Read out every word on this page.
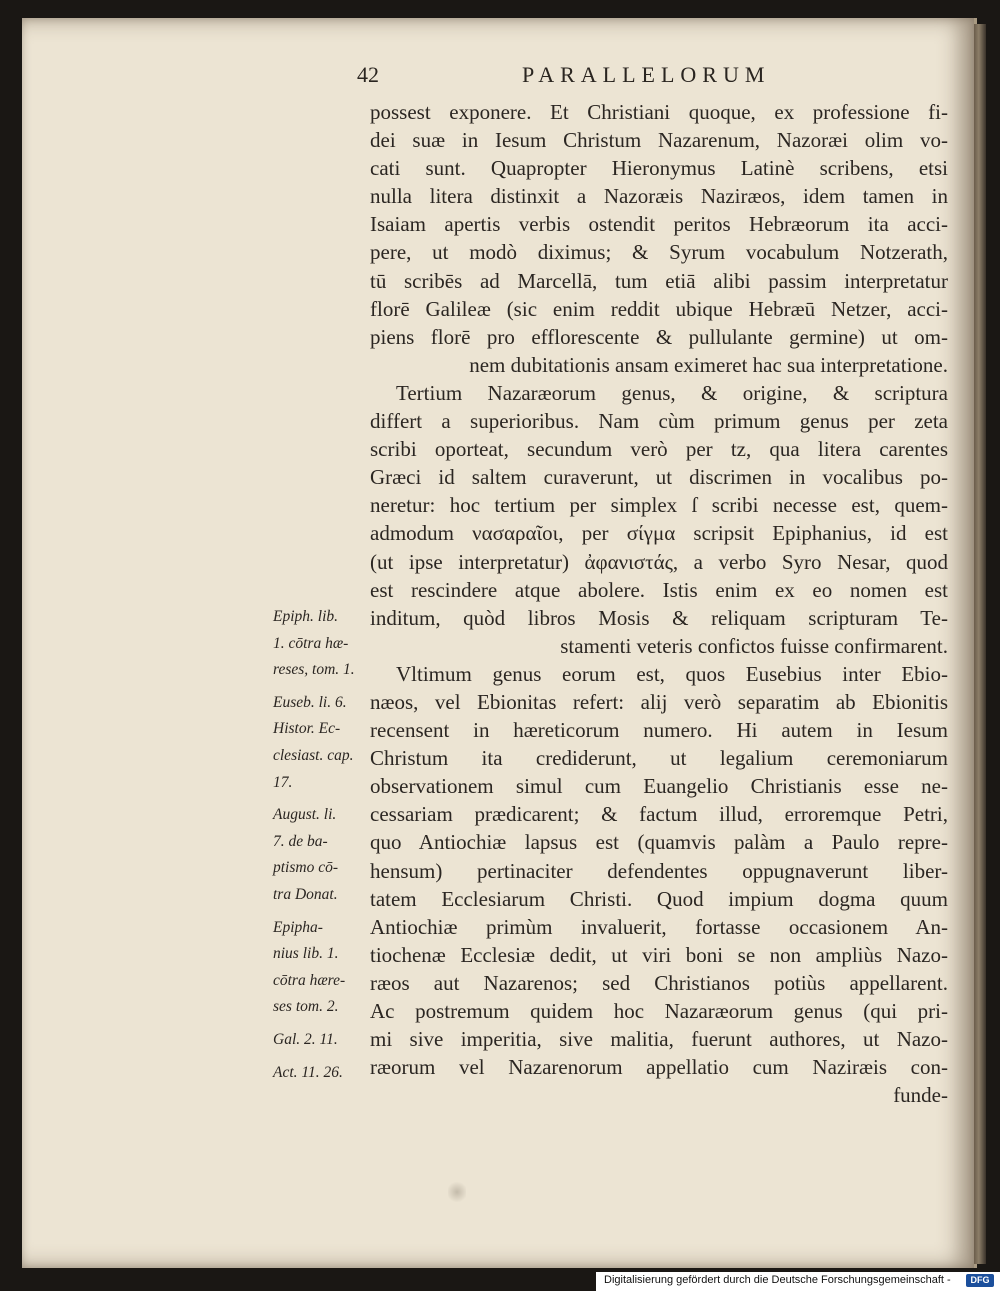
42	PARALLELORUM
possest exponere. Et Christiani quoque, ex professione fi-
dei suæ in Iesum Christum Nazarenum, Nazoræi olim vo-
cati sunt. Quapropter Hieronymus Latinè scribens, etsi
nulla litera distinxit a Nazoræis Naziræos, idem tamen in
Isaiam apertis verbis ostendit peritos Hebræorum ita acci-
pere, ut modò diximus; & Syrum vocabulum Notzerath,
tū scribēs ad Marcellā, tum etiā alibi passim interpretatur
florē Galileæ (sic enim reddit ubique Hebræū Netzer, acci-
piens florē pro efflorescente & pullulante germine) ut om-
nem dubitationis ansam eximeret hac sua interpretatione.
Tertium Nazaræorum genus, & origine, & scriptura
differt a superioribus. Nam cùm primum genus per zeta
scribi oporteat, secundum verò per tz, qua litera carentes
Græci id saltem curaverunt, ut discrimen in vocalibus po-
neretur: hoc tertium per simplex ſ scribi necesse est, quem-
admodum νασαραῖοι, per σίγμα scripsit Epiphanius, id est
(ut ipse interpretatur) ἀφανιστάς, a verbo Syro Nesar, quod
est rescindere atque abolere. Istis enim ex eo nomen est
inditum, quòd libros Mosis & reliquam scripturam Te-
stamenti veteris confictos fuisse confirmarent.
Vltimum genus eorum est, quos Eusebius inter Ebio-
næos, vel Ebionitas refert: alij verò separatim ab Ebionitis
recensent in hæreticorum numero. Hi autem in Iesum
Christum ita crediderunt, ut legalium ceremoniarum
observationem simul cum Euangelio Christianis esse ne-
cessariam prædicarent; & factum illud, erroremque Petri,
quo Antiochiæ lapsus est (quamvis palàm a Paulo repre-
hensum) pertinaciter defendentes oppugnaverunt liber-
tatem Ecclesiarum Christi. Quod impium dogma quum
Antiochiæ primùm invaluerit, fortasse occasionem An-
tiochenæ Ecclesiæ dedit, ut viri boni se non ampliùs Nazo-
ræos aut Nazarenos; sed Christianos potiùs appellarent.
Ac postremum quidem hoc Nazaræorum genus (qui pri-
mi sive imperitia, sive malitia, fuerunt authores, ut Nazo-
ræorum vel Nazarenorum appellatio cum Naziræis con-
funde-
Epiph. lib.
1. cōtra hæ-
reses, tom. 1.
Euseb. li. 6.
Histor. Ec-
clesiast. cap.
17.
August. li.
7. de ba-
ptismo cō-
tra Donat.
Epipha-
nius lib. 1.
cōtra hære-
ses tom. 2.
Gal. 2. 11.
Act. 11. 26.
Digitalisierung gefördert durch die Deutsche Forschungsgemeinschaft -	DFG
